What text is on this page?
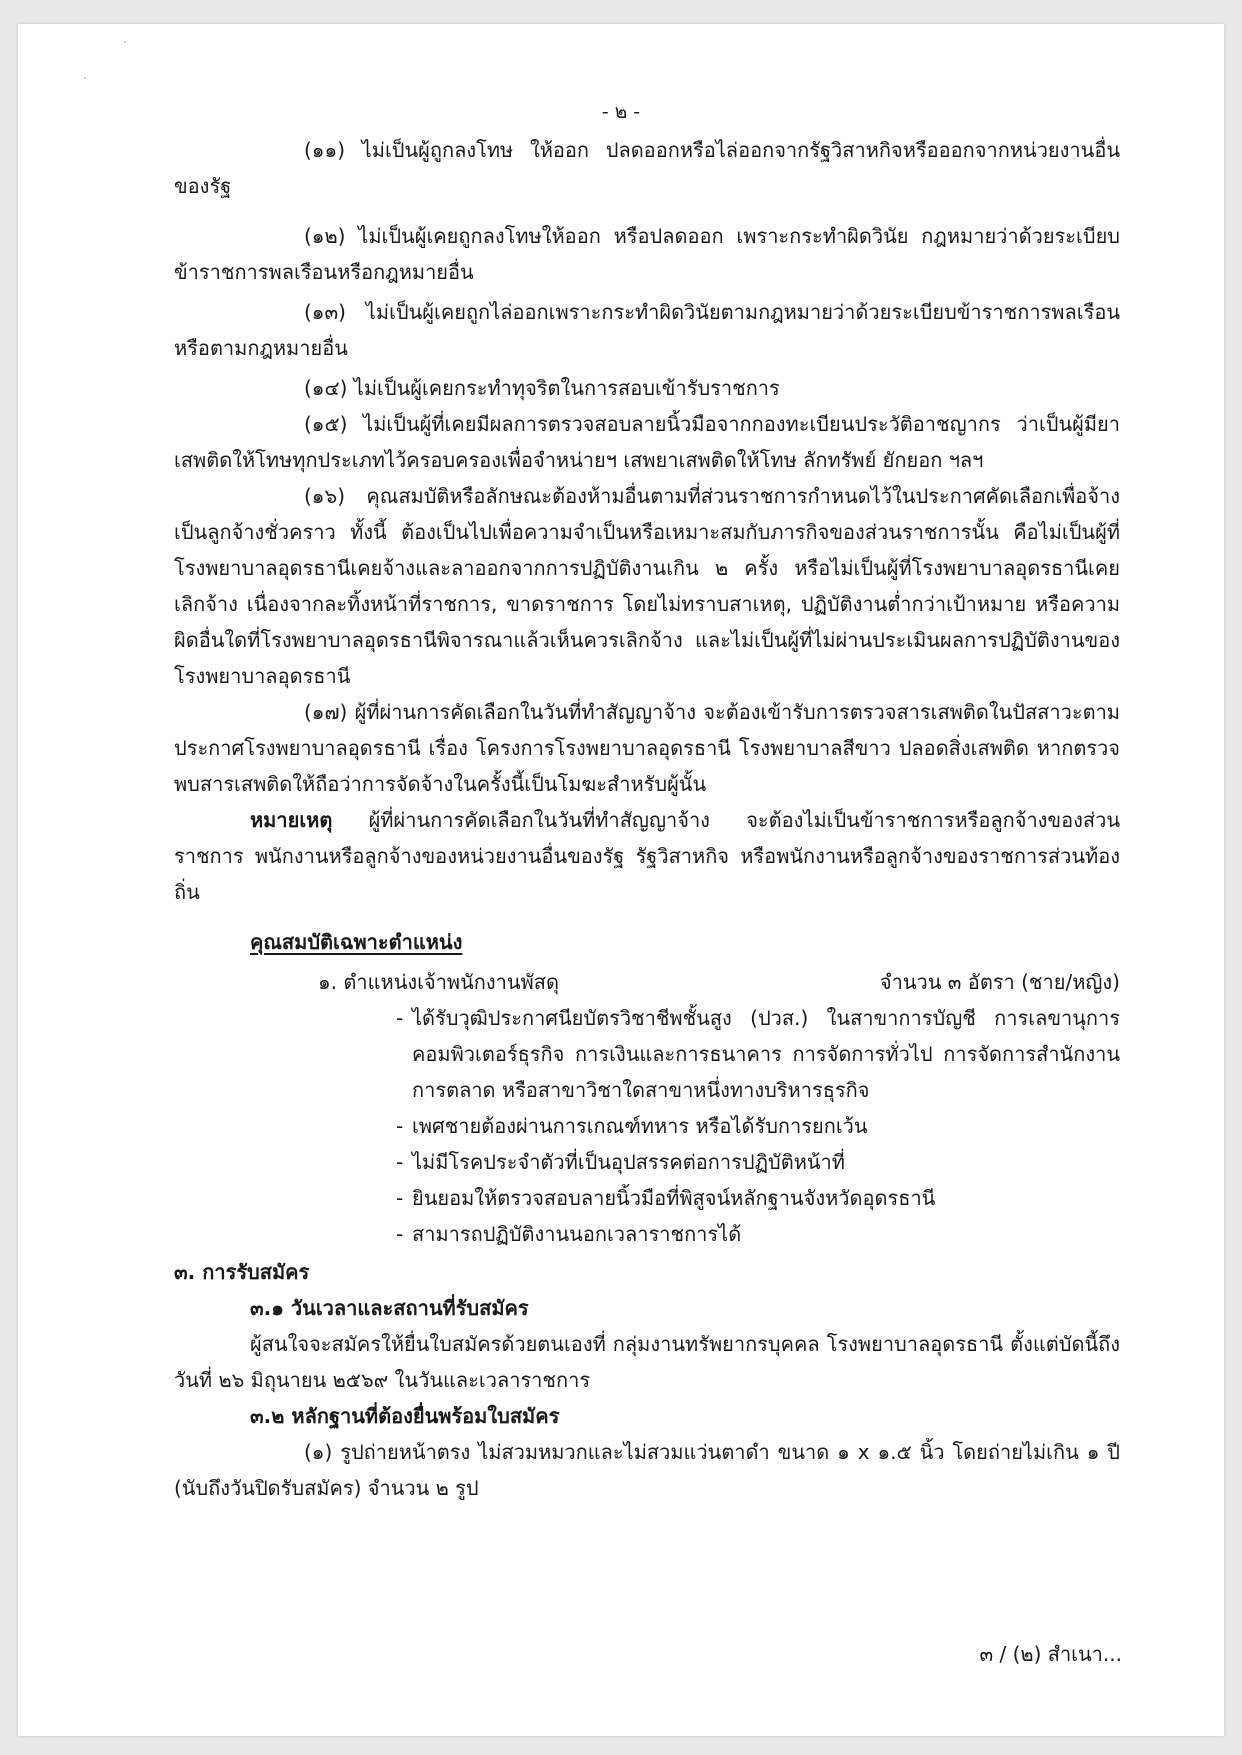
- ๒ -

(๑๑) ไม่เป็นผู้ถูกลงโทษ ให้ออก ปลดออกหรือไล่ออกจากรัฐวิสาหกิจหรือออกจากหน่วยงานอื่นของรัฐ

(๑๒) ไม่เป็นผู้เคยถูกลงโทษให้ออก หรือปลดออก เพราะกระทำผิดวินัย กฎหมายว่าด้วยระเบียบข้าราชการพลเรือนหรือกฎหมายอื่น

(๑๓) ไม่เป็นผู้เคยถูกไล่ออกเพราะกระทำผิดวินัยตามกฎหมายว่าด้วยระเบียบข้าราชการพลเรือนหรือตามกฎหมายอื่น

(๑๔) ไม่เป็นผู้เคยกระทำทุจริตในการสอบเข้ารับราชการ

(๑๕) ไม่เป็นผู้ที่เคยมีผลการตรวจสอบลายนิ้วมือจากกองทะเบียนประวัติอาชญากร ว่าเป็นผู้มียาเสพติดให้โทษทุกประเภทไว้ครอบครองเพื่อจำหน่ายฯ เสพยาเสพติดให้โทษ ลักทรัพย์ ยักยอก ฯลฯ

(๑๖) คุณสมบัติหรือลักษณะต้องห้ามอื่นตามที่ส่วนราชการกำหนดไว้ในประกาศคัดเลือกเพื่อจ้างเป็นลูกจ้างชั่วคราว ทั้งนี้ ต้องเป็นไปเพื่อความจำเป็นหรือเหมาะสมกับภารกิจของส่วนราชการนั้น คือไม่เป็นผู้ที่โรงพยาบาลอุดรธานีเคยจ้างและลาออกจากการปฏิบัติงานเกิน ๒ ครั้ง หรือไม่เป็นผู้ที่โรงพยาบาลอุดรธานีเคยเลิกจ้าง เนื่องจากละทิ้งหน้าที่ราชการ, ขาดราชการ โดยไม่ทราบสาเหตุ, ปฏิบัติงานต่ำกว่าเป้าหมาย หรือความผิดอื่นใดที่โรงพยาบาลอุดรธานีพิจารณาแล้วเห็นควรเลิกจ้าง และไม่เป็นผู้ที่ไม่ผ่านประเมินผลการปฏิบัติงานของโรงพยาบาลอุดรธานี

(๑๗) ผู้ที่ผ่านการคัดเลือกในวันที่ทำสัญญาจ้าง จะต้องเข้ารับการตรวจสารเสพติดในปัสสาวะตามประกาศโรงพยาบาลอุดรธานี เรื่อง โครงการโรงพยาบาลอุดรธานี โรงพยาบาลสีขาว ปลอดสิ่งเสพติด หากตรวจพบสารเสพติดให้ถือว่าการจัดจ้างในครั้งนี้เป็นโมฆะสำหรับผู้นั้น

หมายเหตุ ผู้ที่ผ่านการคัดเลือกในวันที่ทำสัญญาจ้าง จะต้องไม่เป็นข้าราชการหรือลูกจ้างของส่วนราชการ พนักงานหรือลูกจ้างของหน่วยงานอื่นของรัฐ รัฐวิสาหกิจ หรือพนักงานหรือลูกจ้างของราชการส่วนท้องถิ่น

คุณสมบัติเฉพาะตำแหน่ง
๑. ตำแหน่งเจ้าพนักงานพัสดุ	จำนวน ๓ อัตรา (ชาย/หญิง)
- ได้รับวุฒิประกาศนียบัตรวิชาชีพชั้นสูง (ปวส.) ในสาขาการบัญชี การเลขานุการ คอมพิวเตอร์ธุรกิจ การเงินและการธนาคาร การจัดการทั่วไป การจัดการสำนักงาน การตลาด หรือสาขาวิชาใดสาขาหนึ่งทางบริหารธุรกิจ
- เพศชายต้องผ่านการเกณฑ์ทหาร หรือได้รับการยกเว้น
- ไม่มีโรคประจำตัวที่เป็นอุปสรรคต่อการปฏิบัติหน้าที่
- ยินยอมให้ตรวจสอบลายนิ้วมือที่พิสูจน์หลักฐานจังหวัดอุดรธานี
- สามารถปฏิบัติงานนอกเวลาราชการได้
๓. การรับสมัคร
๓.๑ วันเวลาและสถานที่รับสมัคร

ผู้สนใจจะสมัครให้ยื่นใบสมัครด้วยตนเองที่ กลุ่มงานทรัพยากรบุคคล โรงพยาบาลอุดรธานี ตั้งแต่บัดนี้ถึงวันที่ ๒๖ มิถุนายน ๒๕๖๙ ในวันและเวลาราชการ

๓.๒ หลักฐานที่ต้องยื่นพร้อมใบสมัคร

(๑) รูปถ่ายหน้าตรง ไม่สวมหมวกและไม่สวมแว่นตาดำ ขนาด ๑ x ๑.๕ นิ้ว โดยถ่ายไม่เกิน ๑ ปี (นับถึงวันปิดรับสมัคร) จำนวน ๒ รูป

๓ / (๒) สำเนา...
